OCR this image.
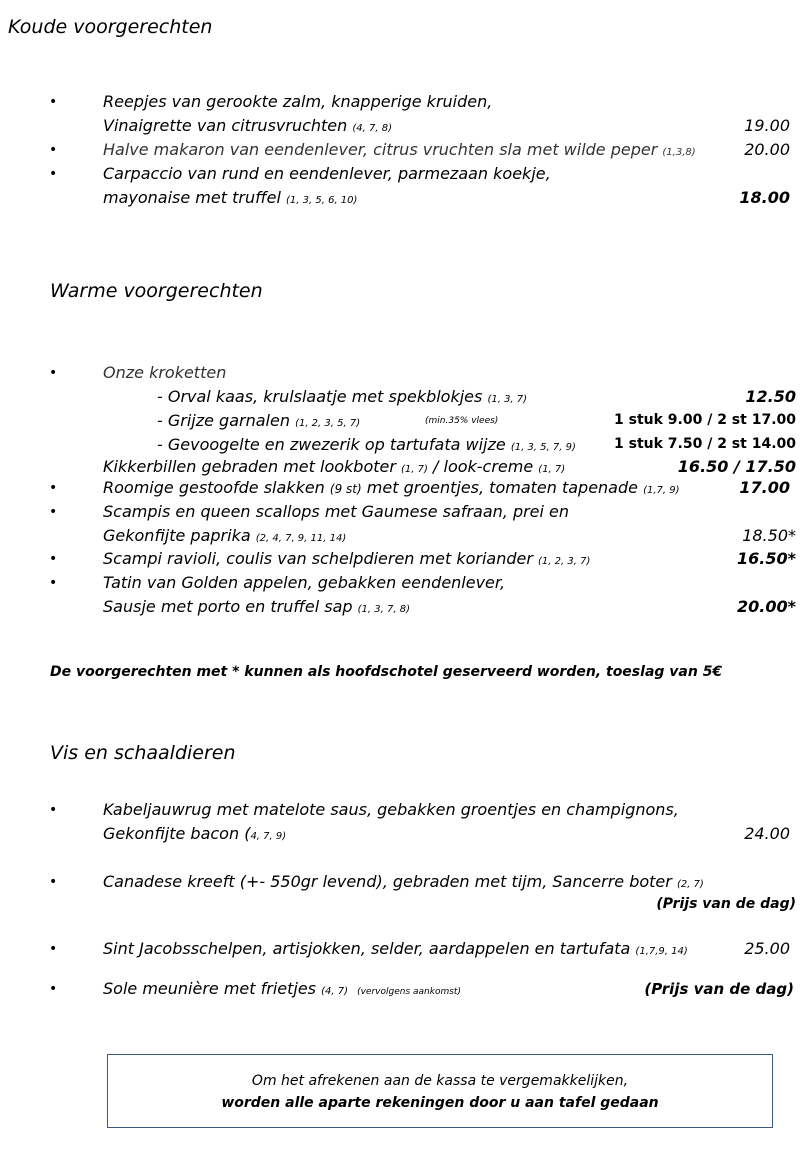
Koude voorgerechten
•	Reepjes van gerookte zalm, knapperige kruiden,
Vinaigrette van citrusvruchten (4, 7, 8)	19.00
•	Halve makaron van eendenlever, citrus vruchten sla met wilde peper (1,3,8)	20.00
•	Carpaccio van rund en eendenlever, parmezaan koekje,
mayonaise met truffel (1, 3, 5, 6, 10)	18.00
Warme voorgerechten
•	Onze kroketten
- Orval kaas, krulslaatje met spekblokjes (1, 3, 7)	12.50
- Grijze garnalen (1, 2, 3, 5, 7)	(min.35% vlees)	1 stuk 9.00 / 2 st 17.00
- Gevoogelte en zwezerik op tartufata wijze (1, 3, 5, 7, 9)	1 stuk 7.50 / 2 st 14.00
Kikkerbillen gebraden met lookboter (1, 7) / look-creme (1, 7)	16.50 / 17.50
•	Roomige gestoofde slakken (9 st) met groentjes, tomaten tapenade (1,7, 9)	17.00
•	Scampis en queen scallops met Gaumese safraan, prei en
Gekonfijte paprika (2, 4, 7, 9, 11, 14)	18.50*
•	Scampi ravioli, coulis van schelpdieren met koriander (1, 2, 3, 7)	16.50*
•	Tatin van Golden appelen, gebakken eendenlever,
Sausje met porto en truffel sap (1, 3, 7, 8)	20.00*
De voorgerechten met * kunnen als hoofdschotel geserveerd worden, toeslag van 5€
Vis en schaaldieren
•	Kabeljauwrug met matelote saus, gebakken groentjes en champignons,
Gekonfijte bacon (4, 7, 9)	24.00
•	Canadese kreeft (+- 550gr levend), gebraden met tijm, Sancerre boter (2, 7)
(Prijs van de dag)
•	Sint Jacobsschelpen, artisjokken, selder, aardappelen en tartufata (1,7,9, 14)	25.00
•	Sole meunière met frietjes (4, 7) (vervolgens aankomst)	(Prijs van de dag)
Om het afrekenen aan de kassa te vergemakkelijken,
worden alle aparte rekeningen door u aan tafel gedaan
